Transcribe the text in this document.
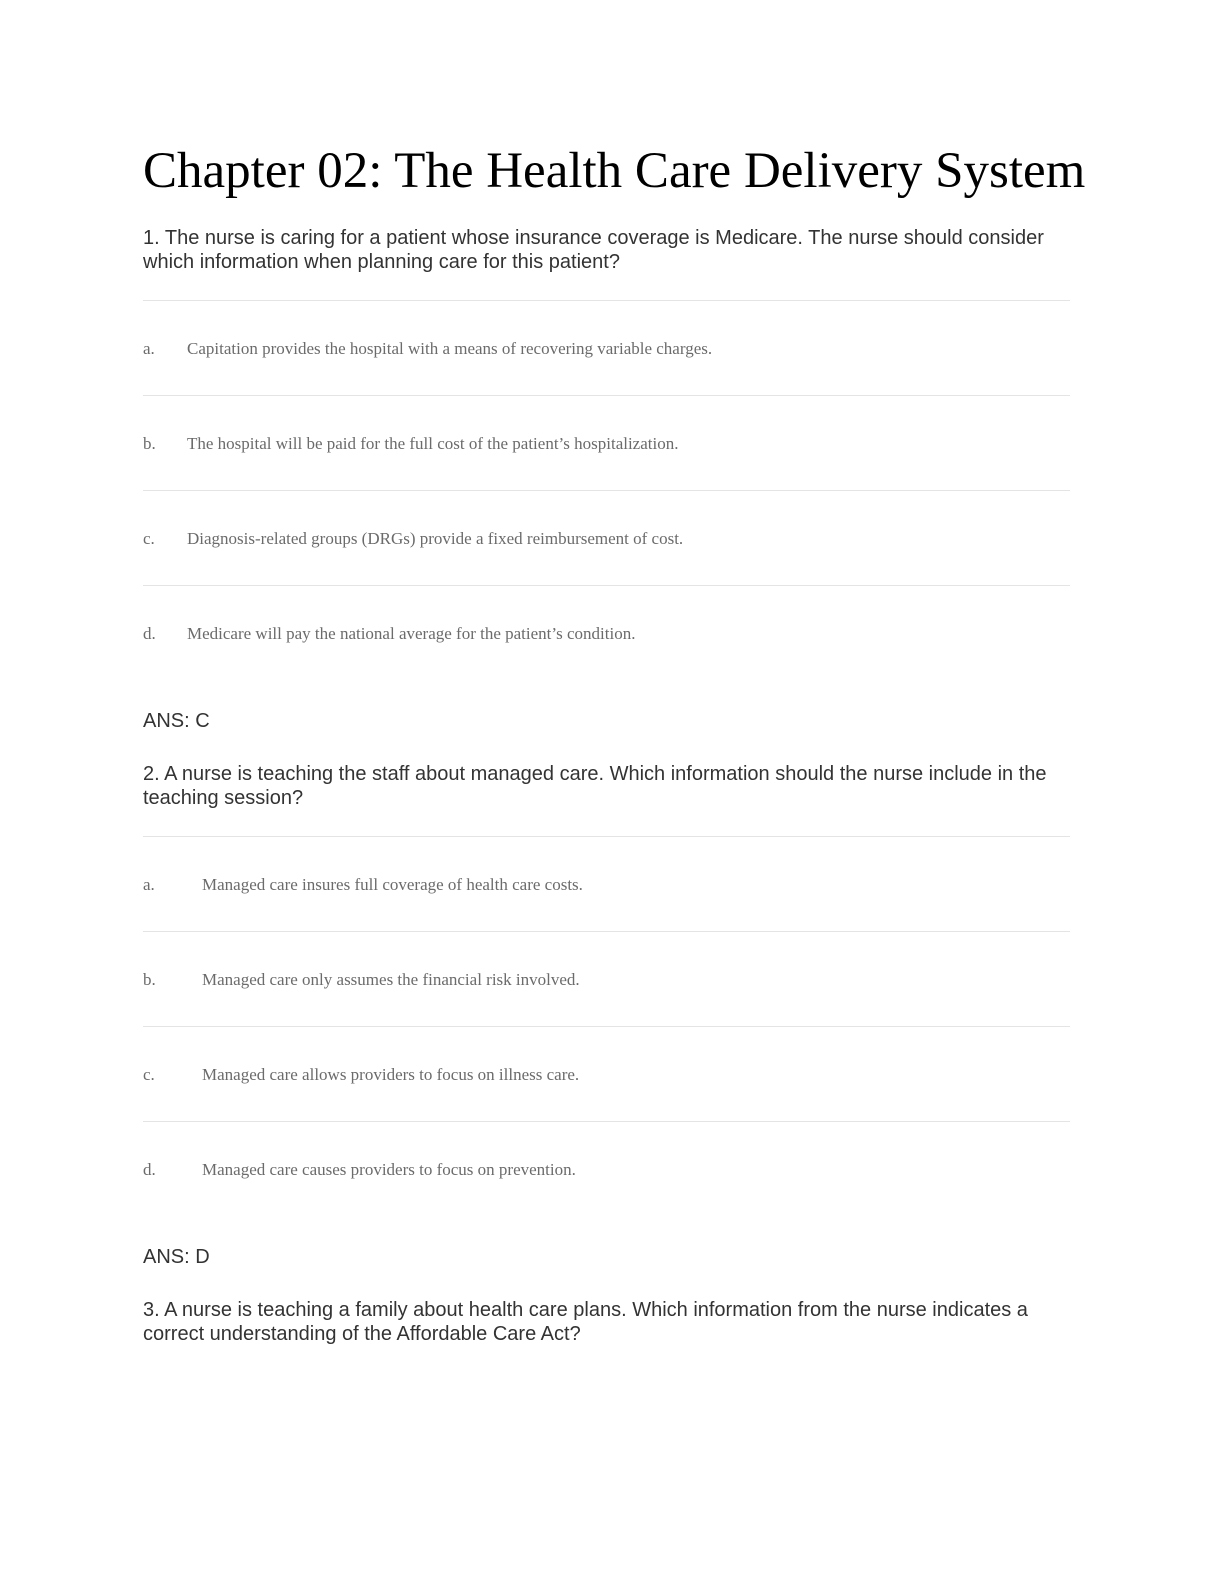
Chapter 02: The Health Care Delivery System

1. The nurse is caring for a patient whose insurance coverage is Medicare. The nurse should consider which information when planning care for this patient?

a. Capitation provides the hospital with a means of recovering variable charges.
b. The hospital will be paid for the full cost of the patient’s hospitalization.
c. Diagnosis-related groups (DRGs) provide a fixed reimbursement of cost.
d. Medicare will pay the national average for the patient’s condition.

ANS: C

2. A nurse is teaching the staff about managed care. Which information should the nurse include in the teaching session?

a.	Managed care insures full coverage of health care costs.
b.	Managed care only assumes the financial risk involved.
c.	Managed care allows providers to focus on illness care.
d.	Managed care causes providers to focus on prevention.

ANS: D

3. A nurse is teaching a family about health care plans. Which information from the nurse indicates a correct understanding of the Affordable Care Act?
